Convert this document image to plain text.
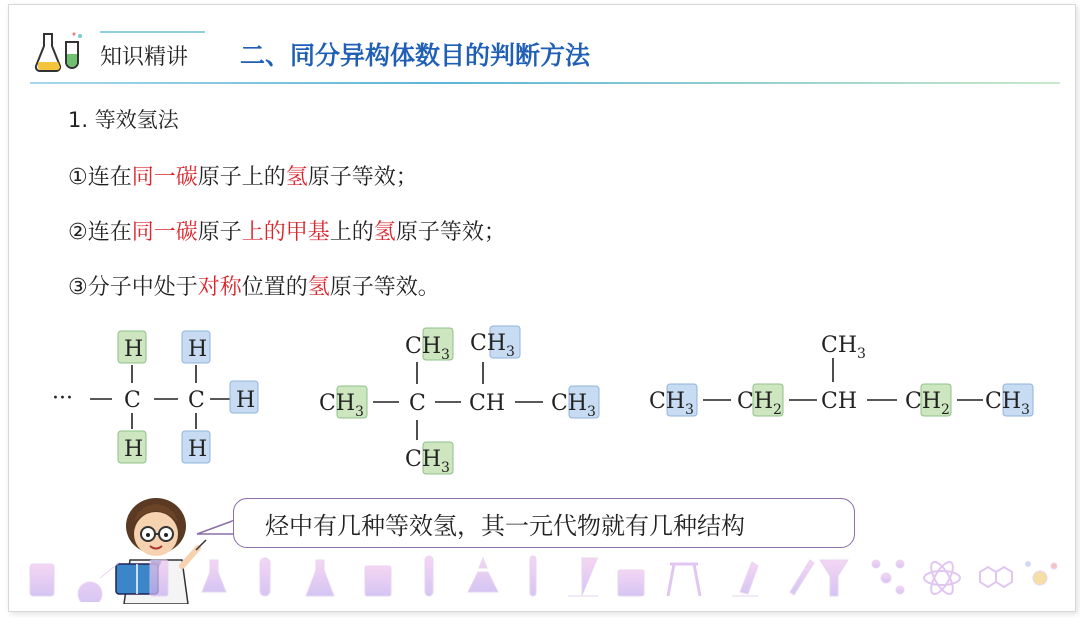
知识精讲 二、同分异构体数目的判断方法
1. 等效氢法
①连在同一碳原子上的氢原子等效；
②连在同一碳原子上的甲基上的氢原子等效；
③分子中处于对称位置的氢原子等效。
H H
··· C C H
H H
$CH_3$ $CH_3$
$CH_3$ C CH $CH_3$
$CH_3$
$CH_3$
$CH_3$ $CH_2$ CH $CH_2$ $CH_3$
烃中有几种等效氢，其一元代物就有几种结构
